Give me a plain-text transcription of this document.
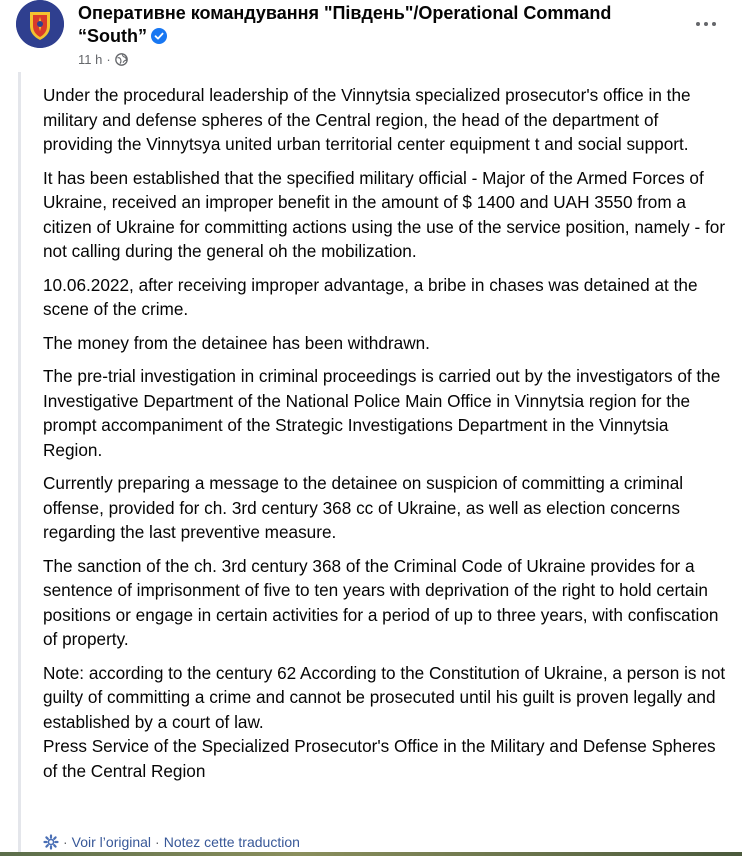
Оперативне командування "Південь"/Operational Command “South”
11 h ·

Under the procedural leadership of the Vinnytsia specialized prosecutor's office in the military and defense spheres of the Central region, the head of the department of providing the Vinnytsya united urban territorial center equipment t and social support.

It has been established that the specified military official - Major of the Armed Forces of Ukraine, received an improper benefit in the amount of $ 1400 and UAH 3550 from a citizen of Ukraine for committing actions using the use of the service position, namely - for not calling during the general oh the mobilization.

10.06.2022, after receiving improper advantage, a bribe in chases was detained at the scene of the crime.

The money from the detainee has been withdrawn.

The pre-trial investigation in criminal proceedings is carried out by the investigators of the Investigative Department of the National Police Main Office in Vinnytsia region for the prompt accompaniment of the Strategic Investigations Department in the Vinnytsia Region.

Currently preparing a message to the detainee on suspicion of committing a criminal offense, provided for ch. 3rd century 368 cc of Ukraine, as well as election concerns regarding the last preventive measure.

The sanction of the ch. 3rd century 368 of the Criminal Code of Ukraine provides for a sentence of imprisonment of five to ten years with deprivation of the right to hold certain positions or engage in certain activities for a period of up to three years, with confiscation of property.

Note: according to the century 62 According to the Constitution of Ukraine, a person is not guilty of committing a crime and cannot be prosecuted until his guilt is proven legally and established by a court of law.
Press Service of the Specialized Prosecutor's Office in the Military and Defense Spheres of the Central Region

· Voir l’original · Notez cette traduction
